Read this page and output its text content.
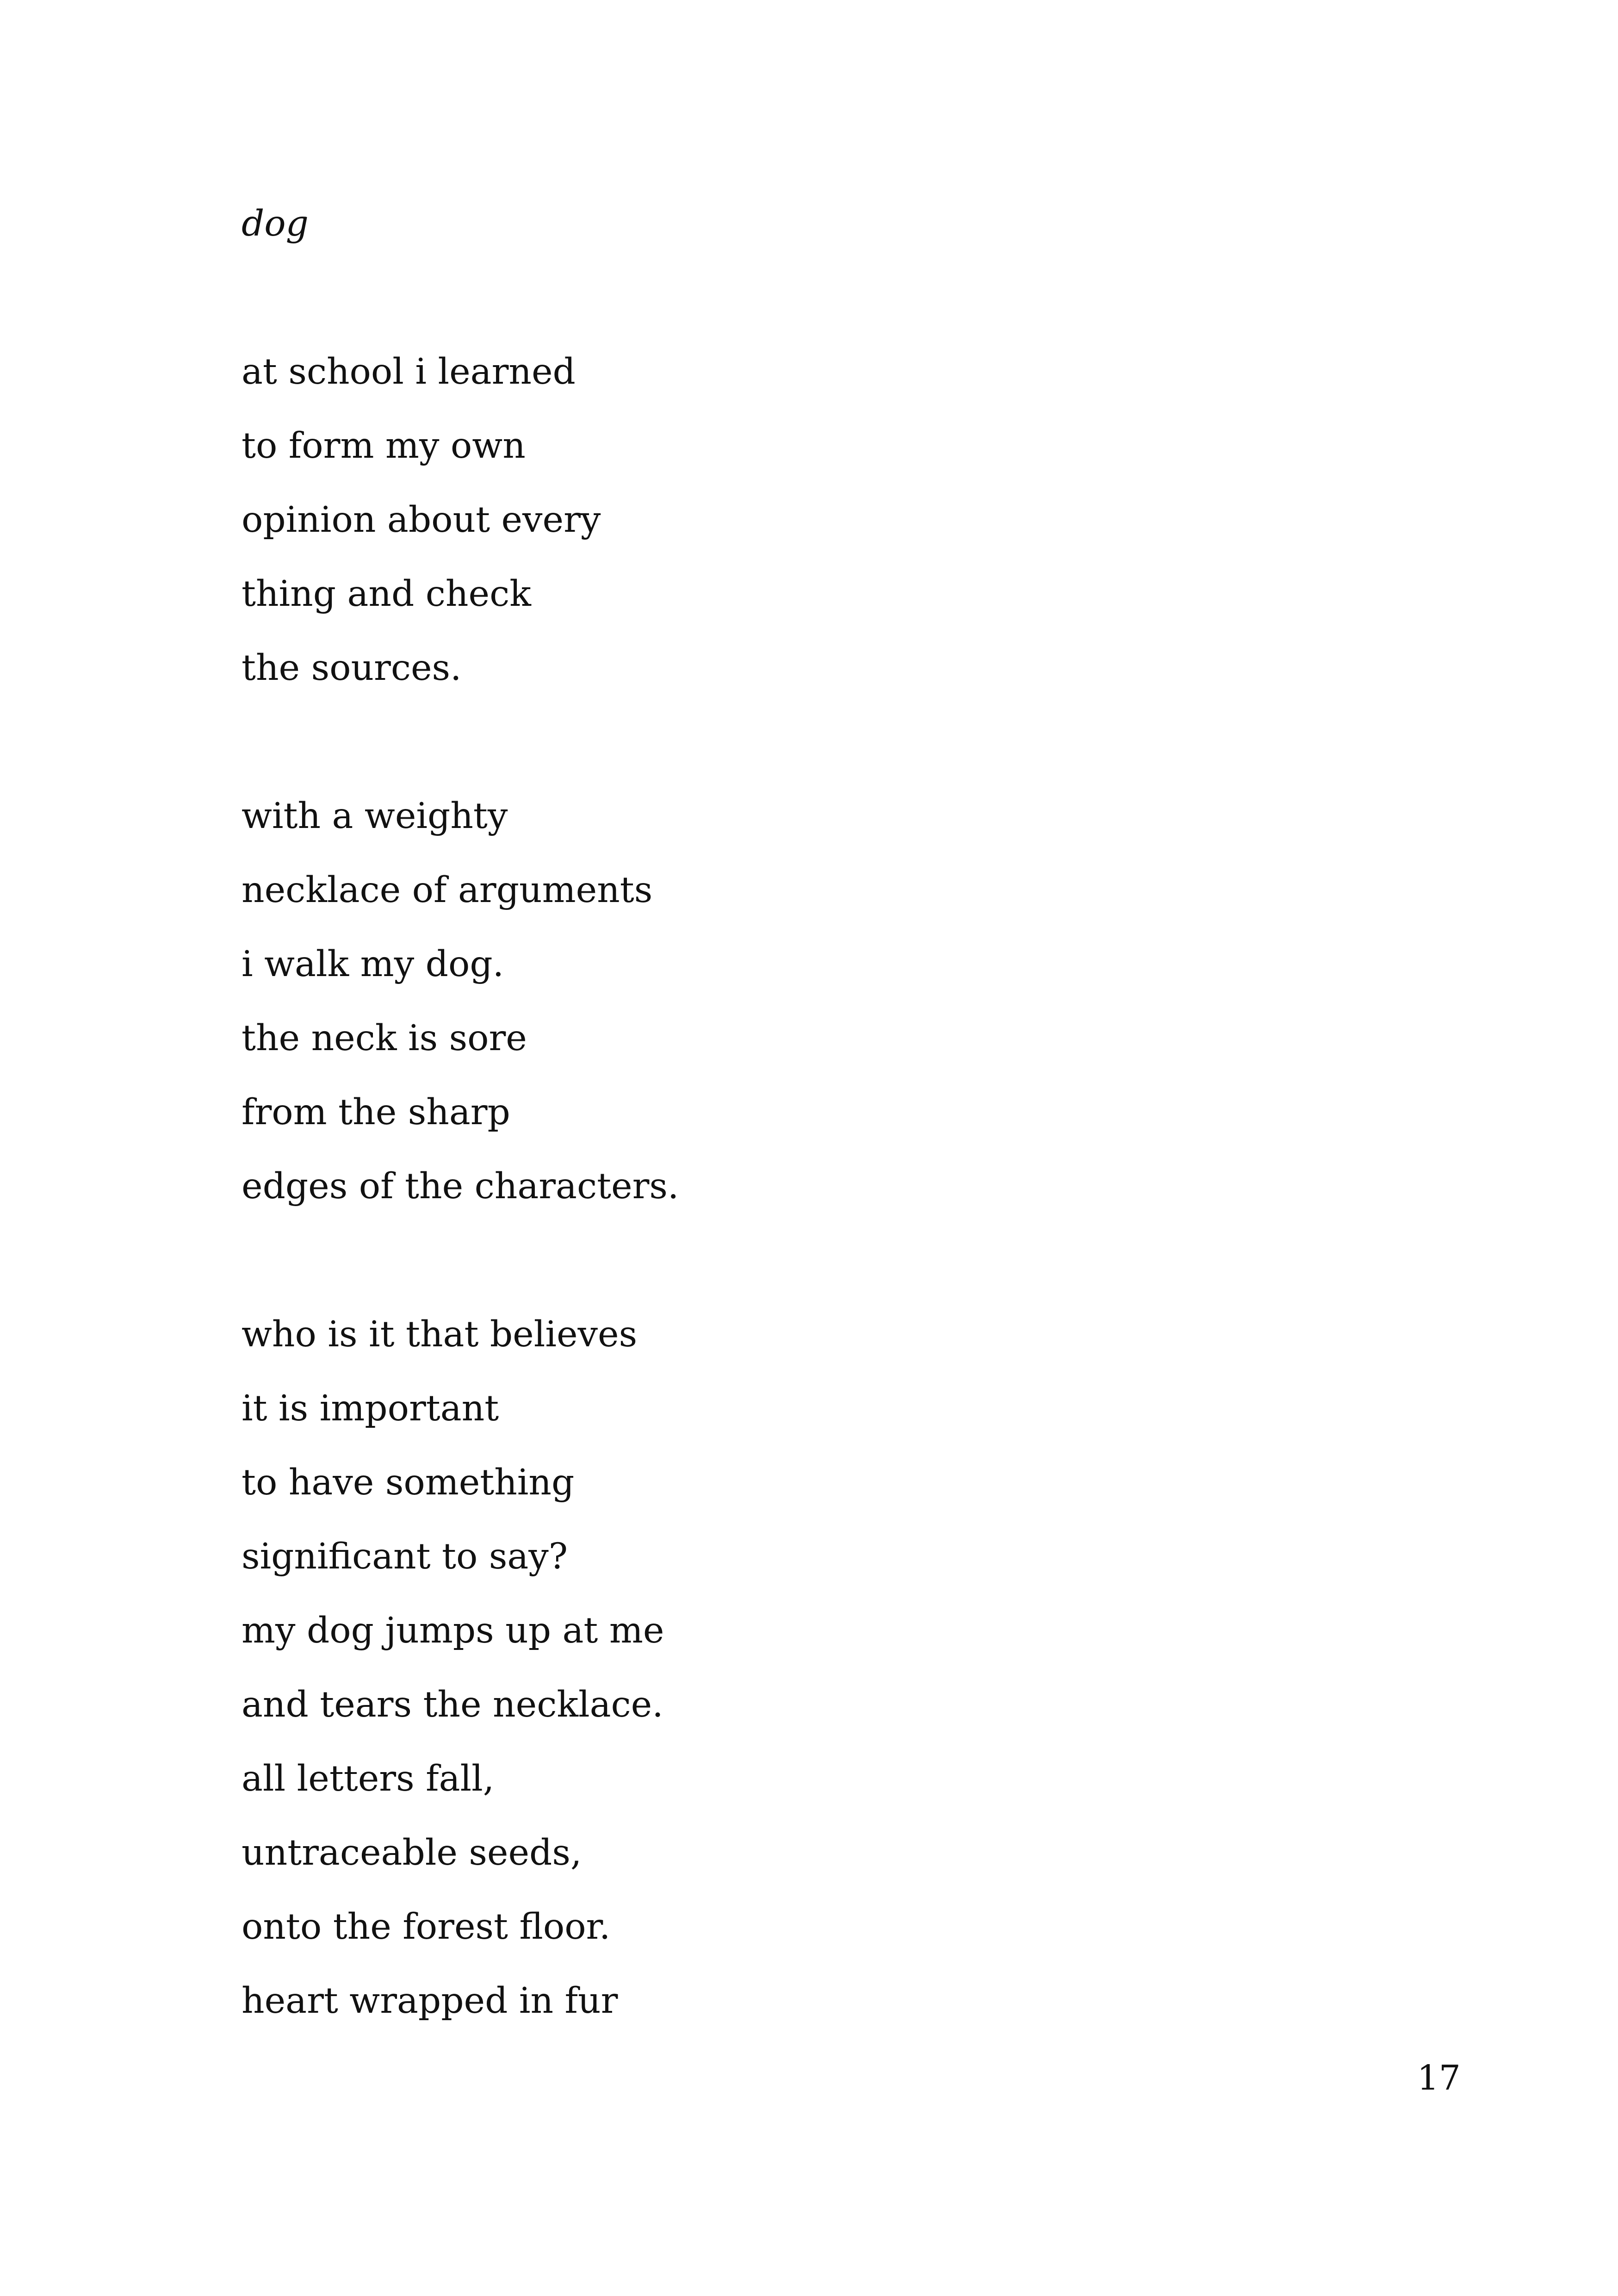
dog
at school i learned
to form my own
opinion about every
thing and check
the sources.
with a weighty
necklace of arguments
i walk my dog.
the neck is sore
from the sharp
edges of the characters.
who is it that believes
it is important
to have something
significant to say?
my dog jumps up at me
and tears the necklace.
all letters fall,
untraceable seeds,
onto the forest floor.
heart wrapped in fur
17
